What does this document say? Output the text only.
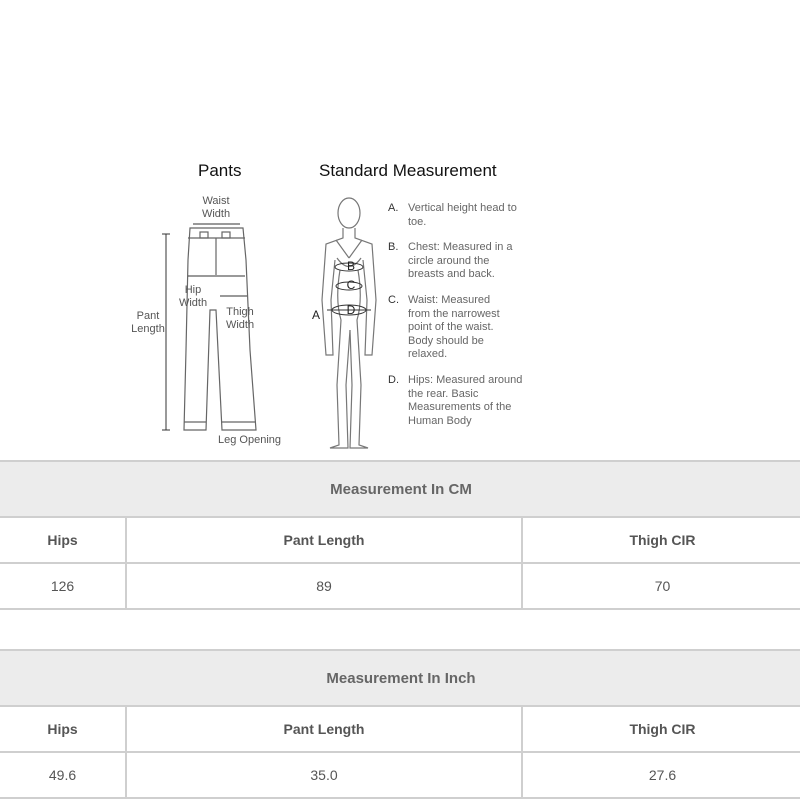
Pants	Standard Measurement
Waist Width
Hip Width
Thigh Width
Pant Length
Leg Opening
A
B
C
D
A. Vertical height head to toe.
B. Chest: Measured in a circle around the breasts and back.
C. Waist: Measured from the narrowest point of the waist. Body should be relaxed.
D. Hips: Measured around the rear. Basic Measurements of the Human Body
Measurement In CM		
Hips	Pant Length	Thigh CIR
126	89	70
Measurement In Inch		
Hips	Pant Length	Thigh CIR
49.6	35.0	27.6
